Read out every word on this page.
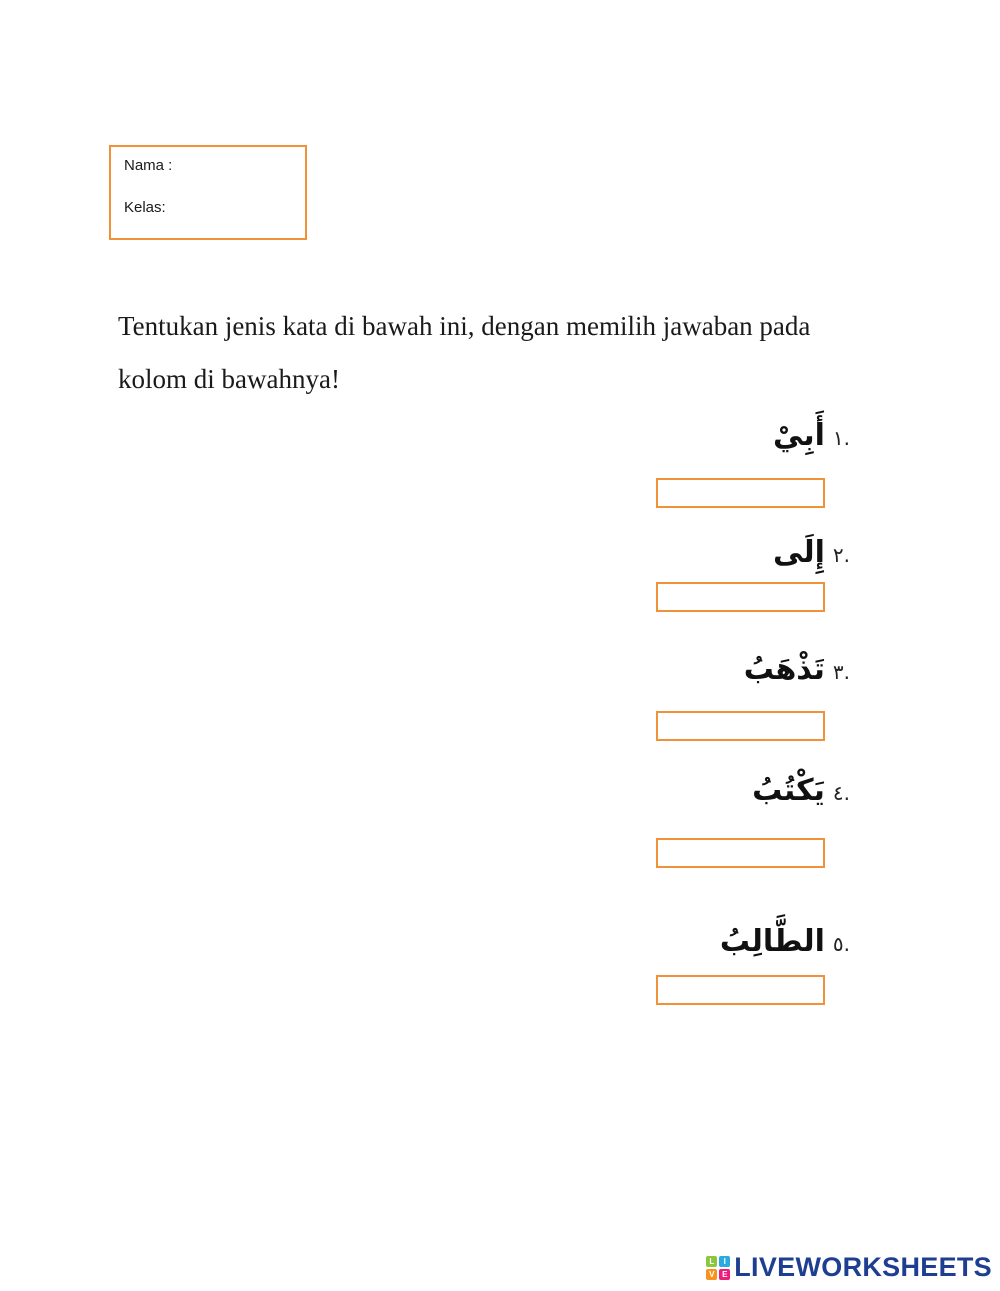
Nama :
Kelas:
Tentukan jenis kata di bawah ini, dengan memilih jawaban pada kolom di bawahnya!
.١
أَبِيْ
.٢
إِلَى
.٣
تَذْهَبُ
.٤
يَكْتُبُ
.٥
الطَّالِبُ
L	I
V E LIVEWORKSHEETS
